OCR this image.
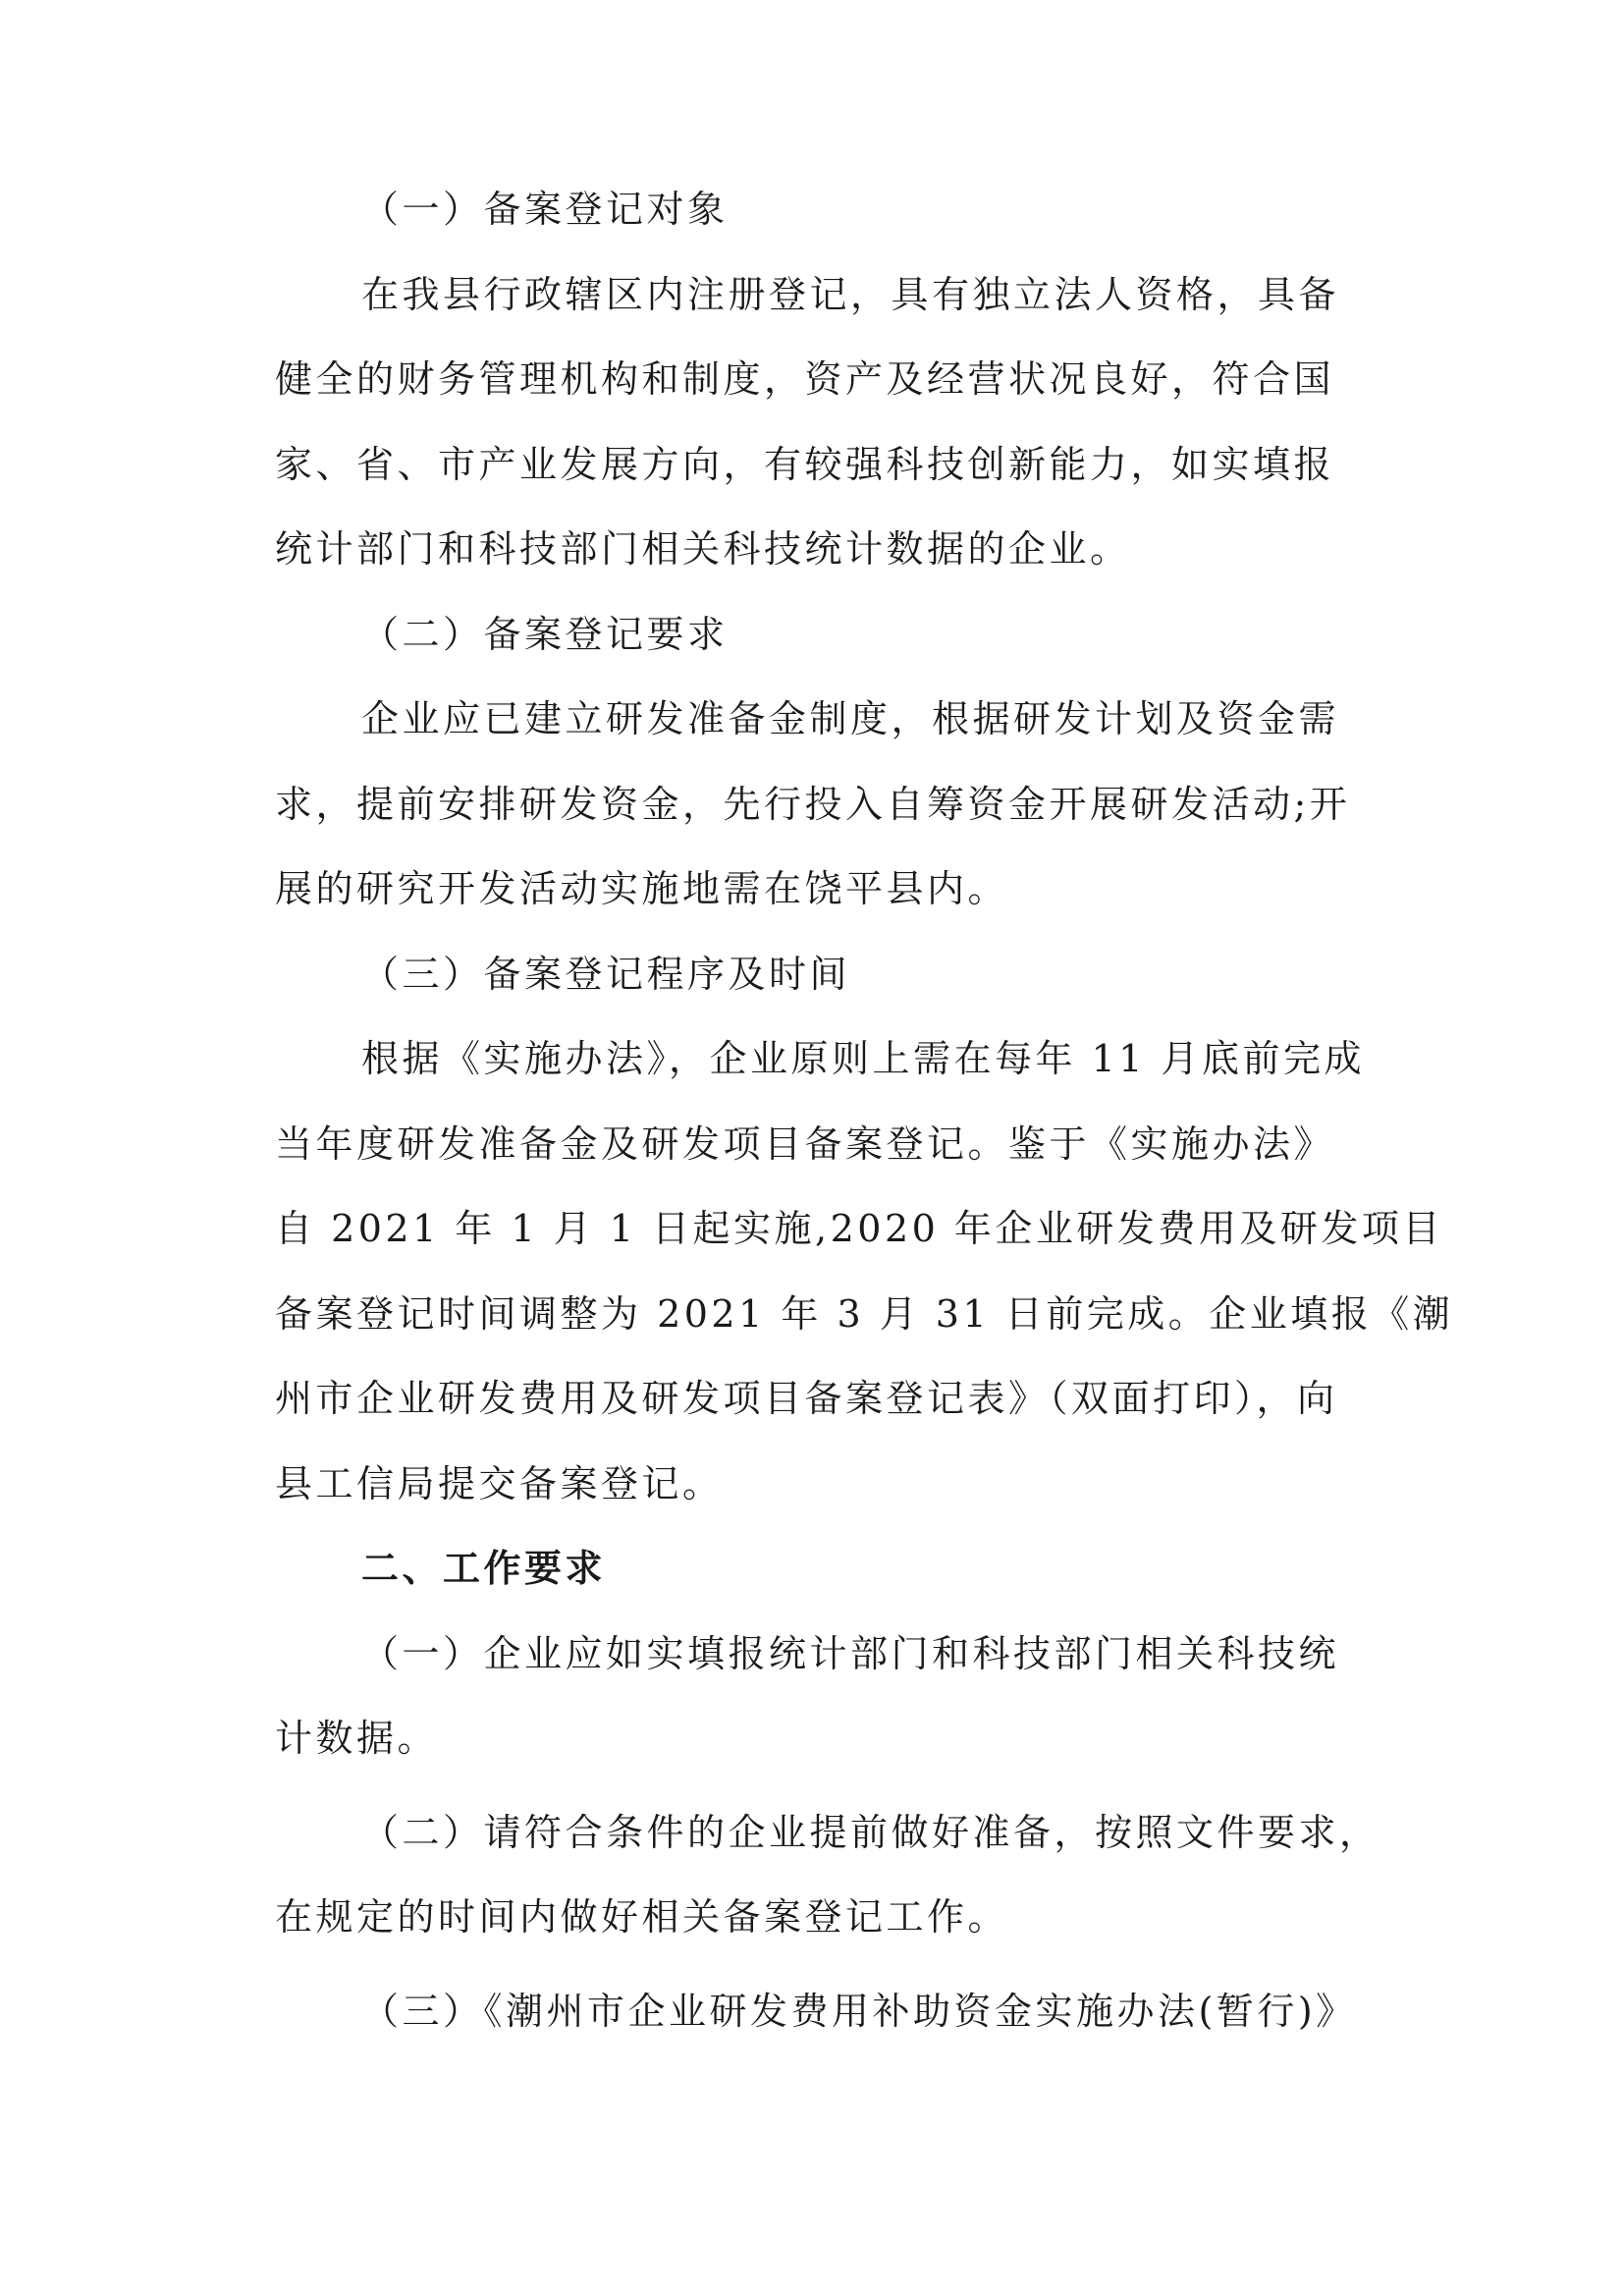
（一）备案登记对象
在我县行政辖区内注册登记，具有独立法人资格，具备
健全的财务管理机构和制度，资产及经营状况良好，符合国
家、省、市产业发展方向，有较强科技创新能力，如实填报
统计部门和科技部门相关科技统计数据的企业。
（二）备案登记要求
企业应已建立研发准备金制度，根据研发计划及资金需
求，提前安排研发资金，先行投入自筹资金开展研发活动;开
展的研究开发活动实施地需在饶平县内。
（三）备案登记程序及时间
根据《实施办法》，企业原则上需在每年 11 月底前完成
当年度研发准备金及研发项目备案登记。鉴于《实施办法》
自 2021 年 1 月 1 日起实施,2020 年企业研发费用及研发项目
备案登记时间调整为 2021 年 3 月 31 日前完成。企业填报《潮
州市企业研发费用及研发项目备案登记表》（双面打印），向
县工信局提交备案登记。
二、工作要求
（一）企业应如实填报统计部门和科技部门相关科技统
计数据。
（二）请符合条件的企业提前做好准备，按照文件要求，
在规定的时间内做好相关备案登记工作。
（三）《潮州市企业研发费用补助资金实施办法(暂行)》
